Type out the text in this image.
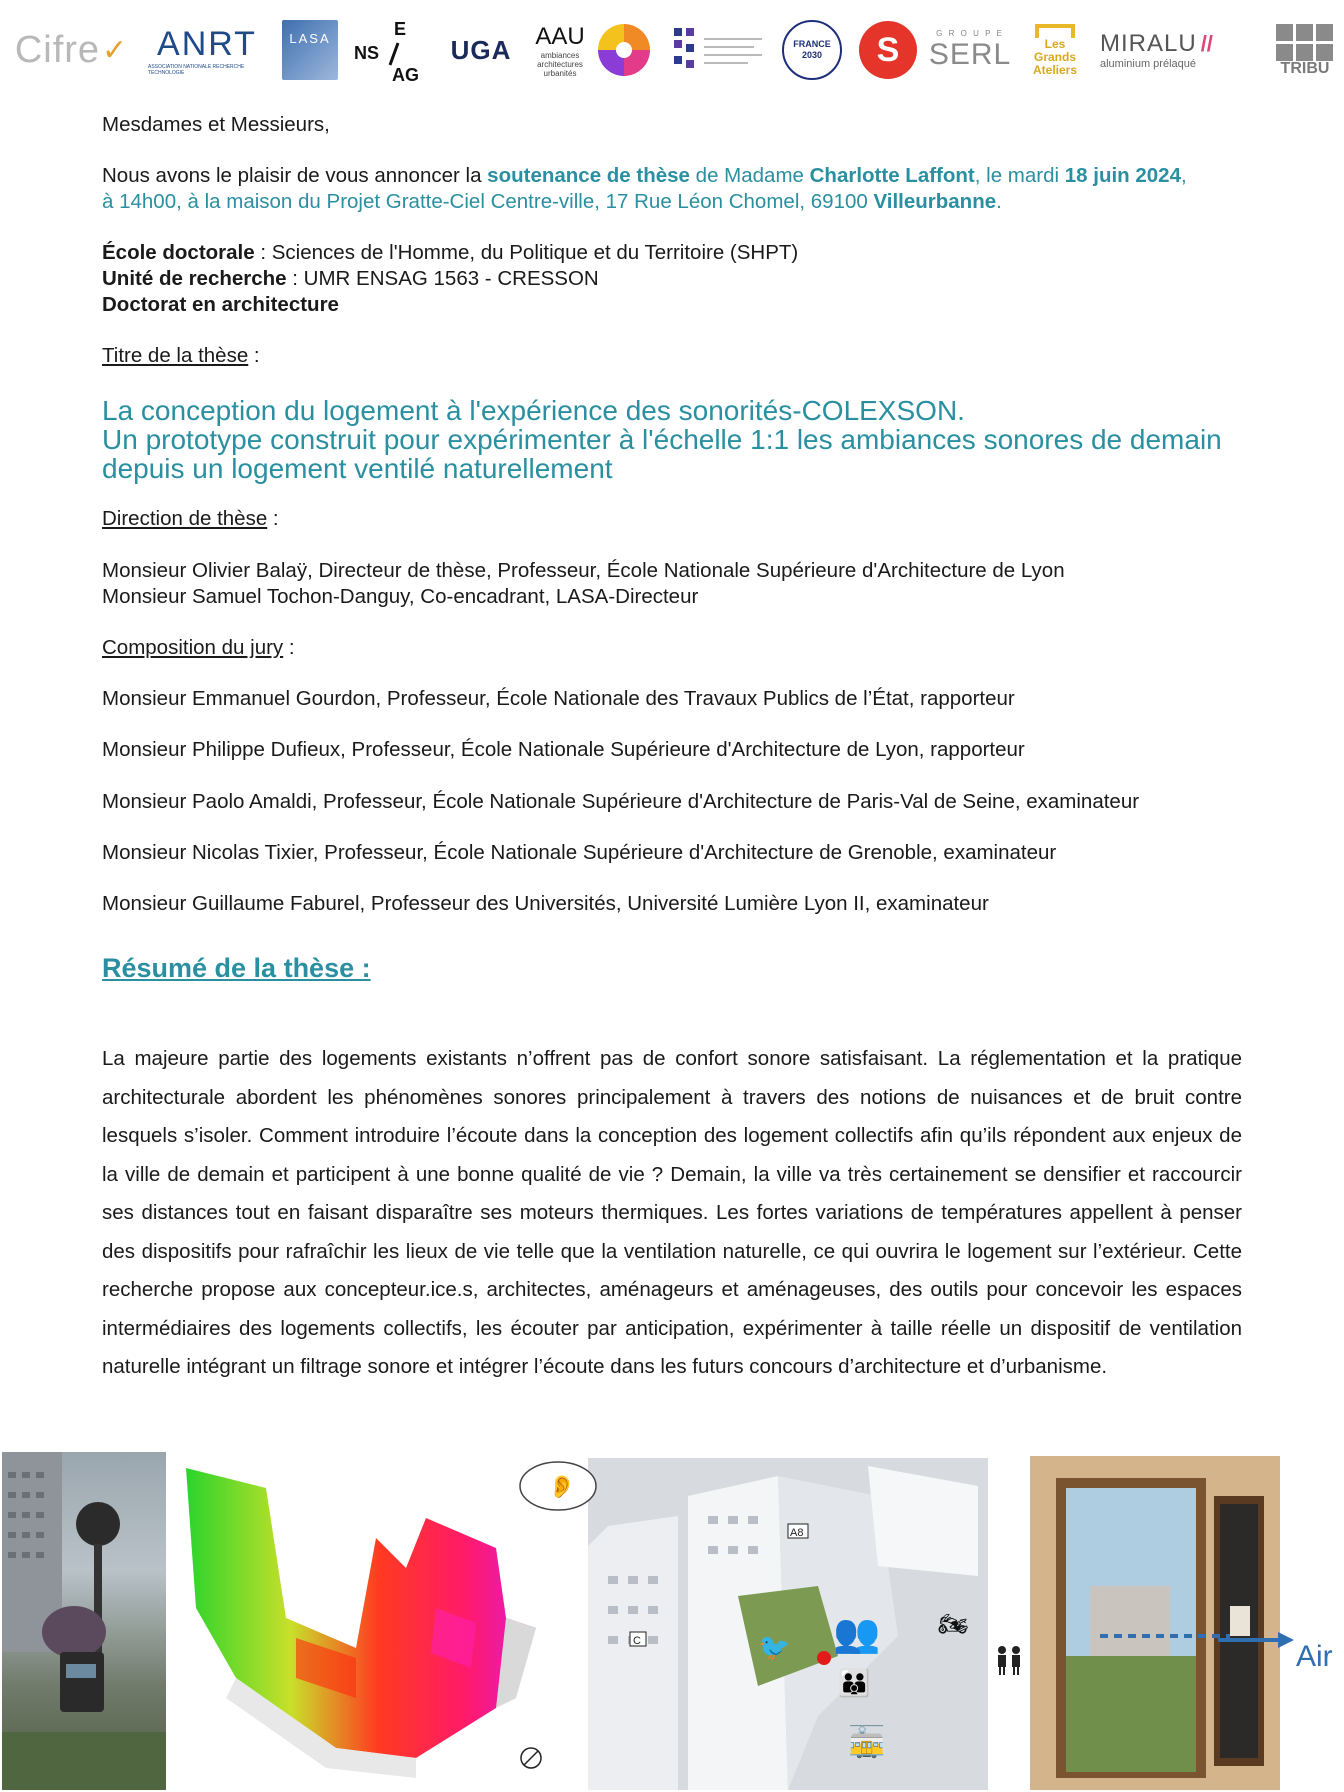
Cifre ✓ ANRT
ASSOCIATION NATIONALE RECHERCHE TECHNOLOGIE
LASA	E
NS
AG
UGA AAU
ambiances architectures urbanités
FRANCE 2030	S	G R O U P E
SERL	Les Grands Ateliers
MIRALU //
aluminium prélaqué	TRIBU
Mesdames et Messieurs,
Nous avons le plaisir de vous annoncer la soutenance de thèse de Madame Charlotte Laffont, le mardi 18 juin 2024,
à 14h00, à la maison du Projet Gratte-Ciel Centre-ville, 17 Rue Léon Chomel, 69100 Villeurbanne.
École doctorale : Sciences de l'Homme, du Politique et du Territoire (SHPT)
Unité de recherche : UMR ENSAG 1563 - CRESSON
Doctorat en architecture
Titre de la thèse :
La conception du logement à l'expérience des sonorités-COLEXSON.
Un prototype construit pour expérimenter à l'échelle 1:1 les ambiances sonores de demain
depuis un logement ventilé naturellement
Direction de thèse :
Monsieur Olivier Balaÿ, Directeur de thèse, Professeur, École Nationale Supérieure d'Architecture de Lyon
Monsieur Samuel Tochon-Danguy, Co-encadrant, LASA-Directeur
Composition du jury :
Monsieur Emmanuel Gourdon, Professeur, École Nationale des Travaux Publics de l’État, rapporteur
Monsieur Philippe Dufieux, Professeur, École Nationale Supérieure d'Architecture de Lyon, rapporteur
Monsieur Paolo Amaldi, Professeur, École Nationale Supérieure d'Architecture de Paris-Val de Seine, examinateur
Monsieur Nicolas Tixier, Professeur, École Nationale Supérieure d'Architecture de Grenoble, examinateur
Monsieur Guillaume Faburel, Professeur des Universités, Université Lumière Lyon II, examinateur
Résumé de la thèse :
La majeure partie des logements existants n’offrent pas de confort sonore satisfaisant. La réglementation et la pratique architecturale abordent les phénomènes sonores principalement à travers des notions de nuisances et de bruit contre lesquels s’isoler. Comment introduire l’écoute dans la conception des logement collectifs afin qu’ils répondent aux enjeux de la ville de demain et participent à une bonne qualité de vie ? Demain, la ville va très certainement se densifier et raccourcir ses distances tout en faisant disparaître ses moteurs thermiques. Les fortes variations de températures appellent à penser des dispositifs pour rafraîchir les lieux de vie telle que la ventilation naturelle, ce qui ouvrira le logement sur l’extérieur. Cette recherche propose aux concepteur.ice.s, architectes, aménageurs et aménageuses, des outils pour concevoir les espaces intermédiaires des logements collectifs, les écouter par anticipation, expérimenter à taille réelle un dispositif de ventilation naturelle intégrant un filtrage sonore et intégrer l’écoute dans les futurs concours d’architecture et d’urbanisme.
👂
A8
C	🐦 👥 🏍
👪
🚋
Air
